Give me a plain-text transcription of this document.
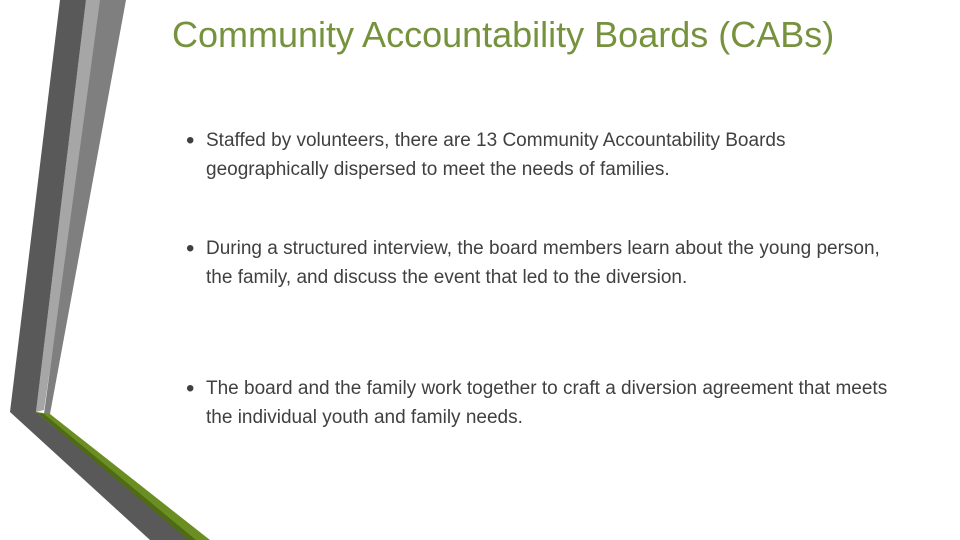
Community Accountability Boards (CABs)
• Staffed by volunteers, there are 13 Community Accountability Boards geographically dispersed to meet the needs of families.
• During a structured interview, the board members learn about the young person, the family, and discuss the event that led to the diversion.
• The board and the family work together to craft a diversion agreement that meets the individual youth and family needs.
